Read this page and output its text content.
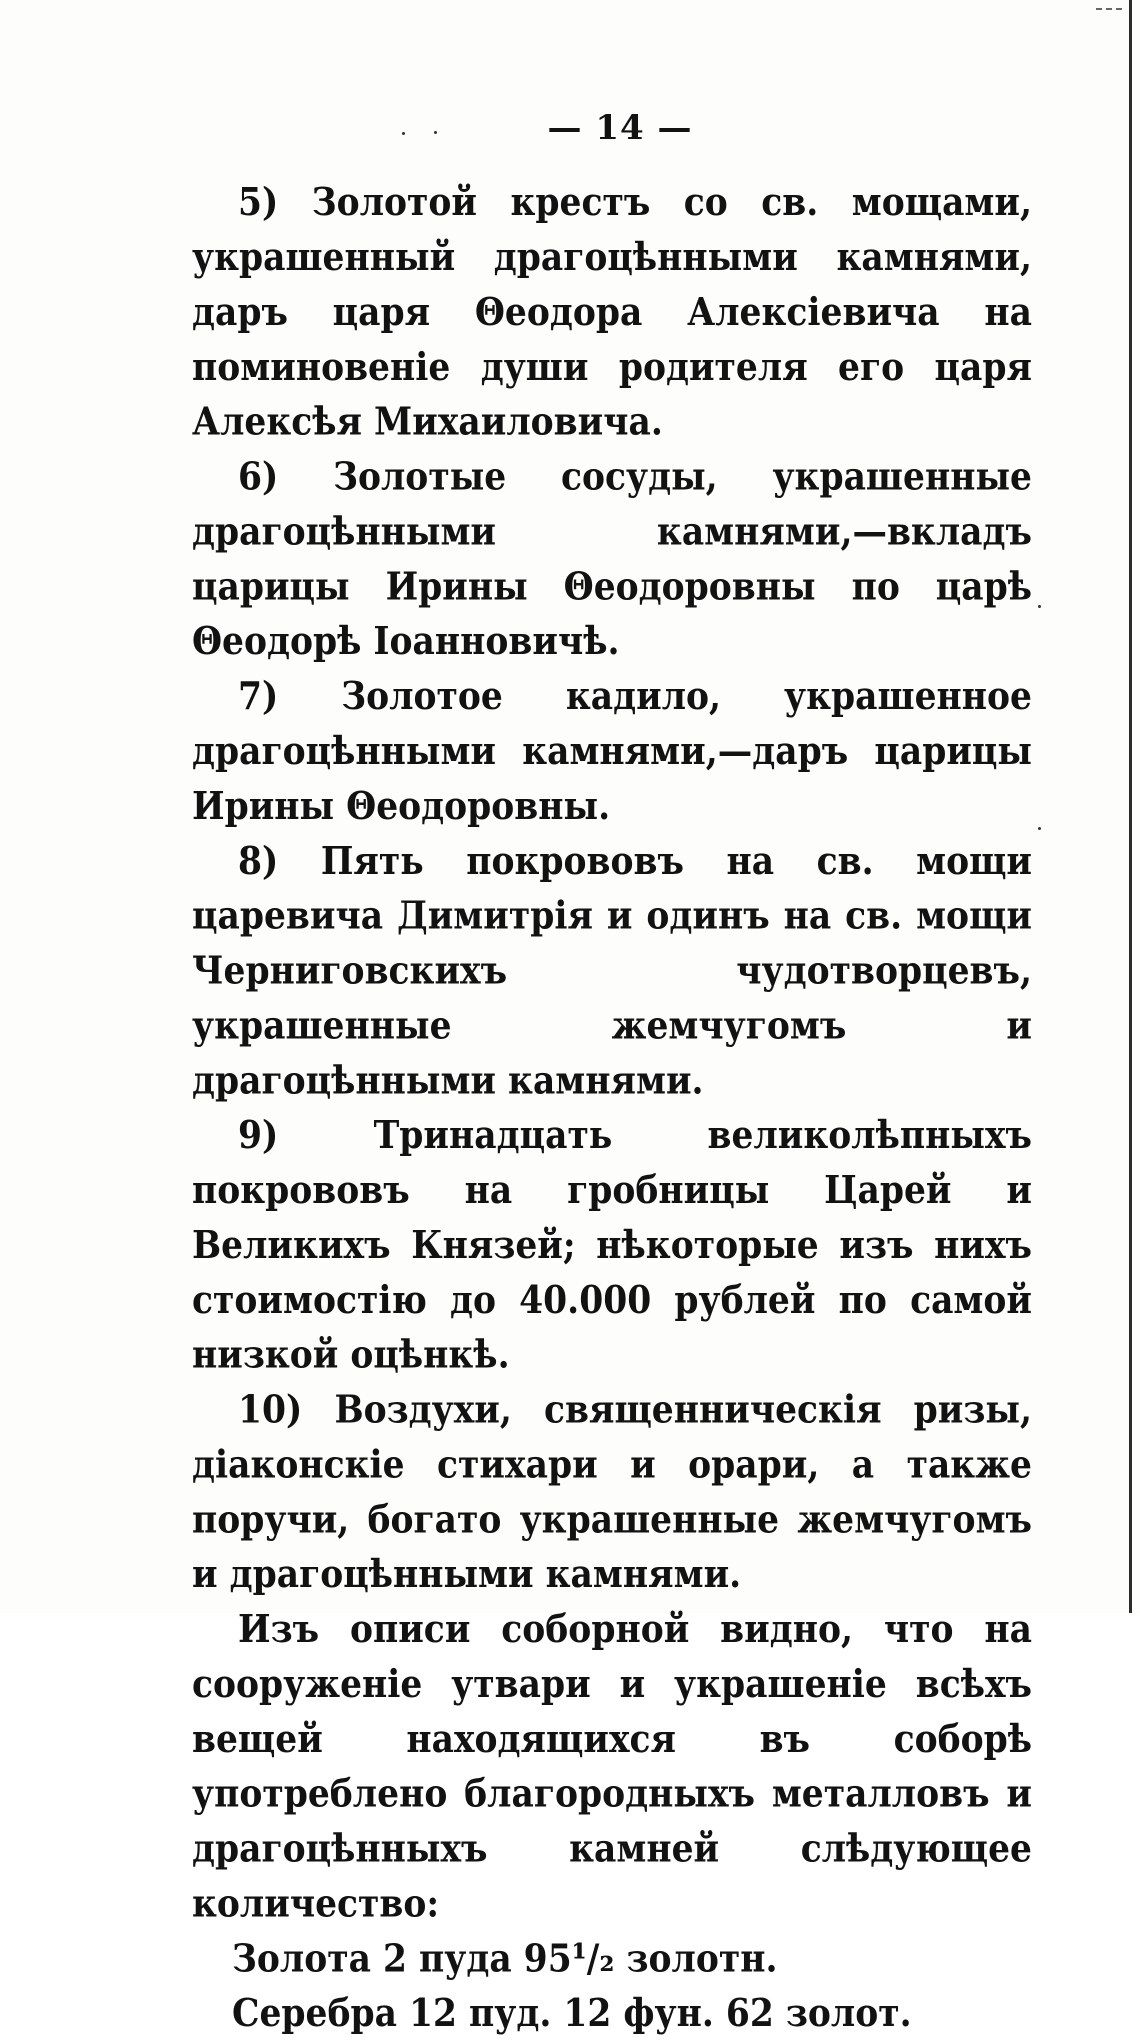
— 14 —

5) Золотой крестъ со св. мощами, украшенный драгоцѣнными камнями, даръ царя Θеодора Алексіевича на поминовеніе души родителя его царя Алексѣя Михаиловича.

6) Золотые сосуды, украшенные драгоцѣнными камнями,—вкладъ царицы Ирины Θеодоровны по царѣ Θеодорѣ Іоанновичѣ.

7) Золотое кадило, украшенное драгоцѣнными камнями,—даръ царицы Ирины Θеодоровны.

8) Пять покрововъ на св. мощи царевича Димитрія и одинъ на св. мощи Черниговскихъ чудотворцевъ, украшенные жемчугомъ и драгоцѣнными камнями.

9) Тринадцать великолѣпныхъ покрововъ на гробницы Царей и Великихъ Князей; нѣкоторые изъ нихъ стоимостію до 40.000 рублей по самой низкой оцѣнкѣ.

10) Воздухи, священническія ризы, діаконскіе стихари и орари, а также поручи, богато украшенные жемчугомъ и драгоцѣнными камнями.

Изъ описи соборной видно, что на сооруженіе утвари и украшеніе всѣхъ вещей находящихся въ соборѣ употреблено благородныхъ металловъ и драгоцѣнныхъ камней слѣдующее количество:

Золота 2 пуда 95¹/₂ золотн.

Серебра 12 пуд. 12 фун. 62 золот.
